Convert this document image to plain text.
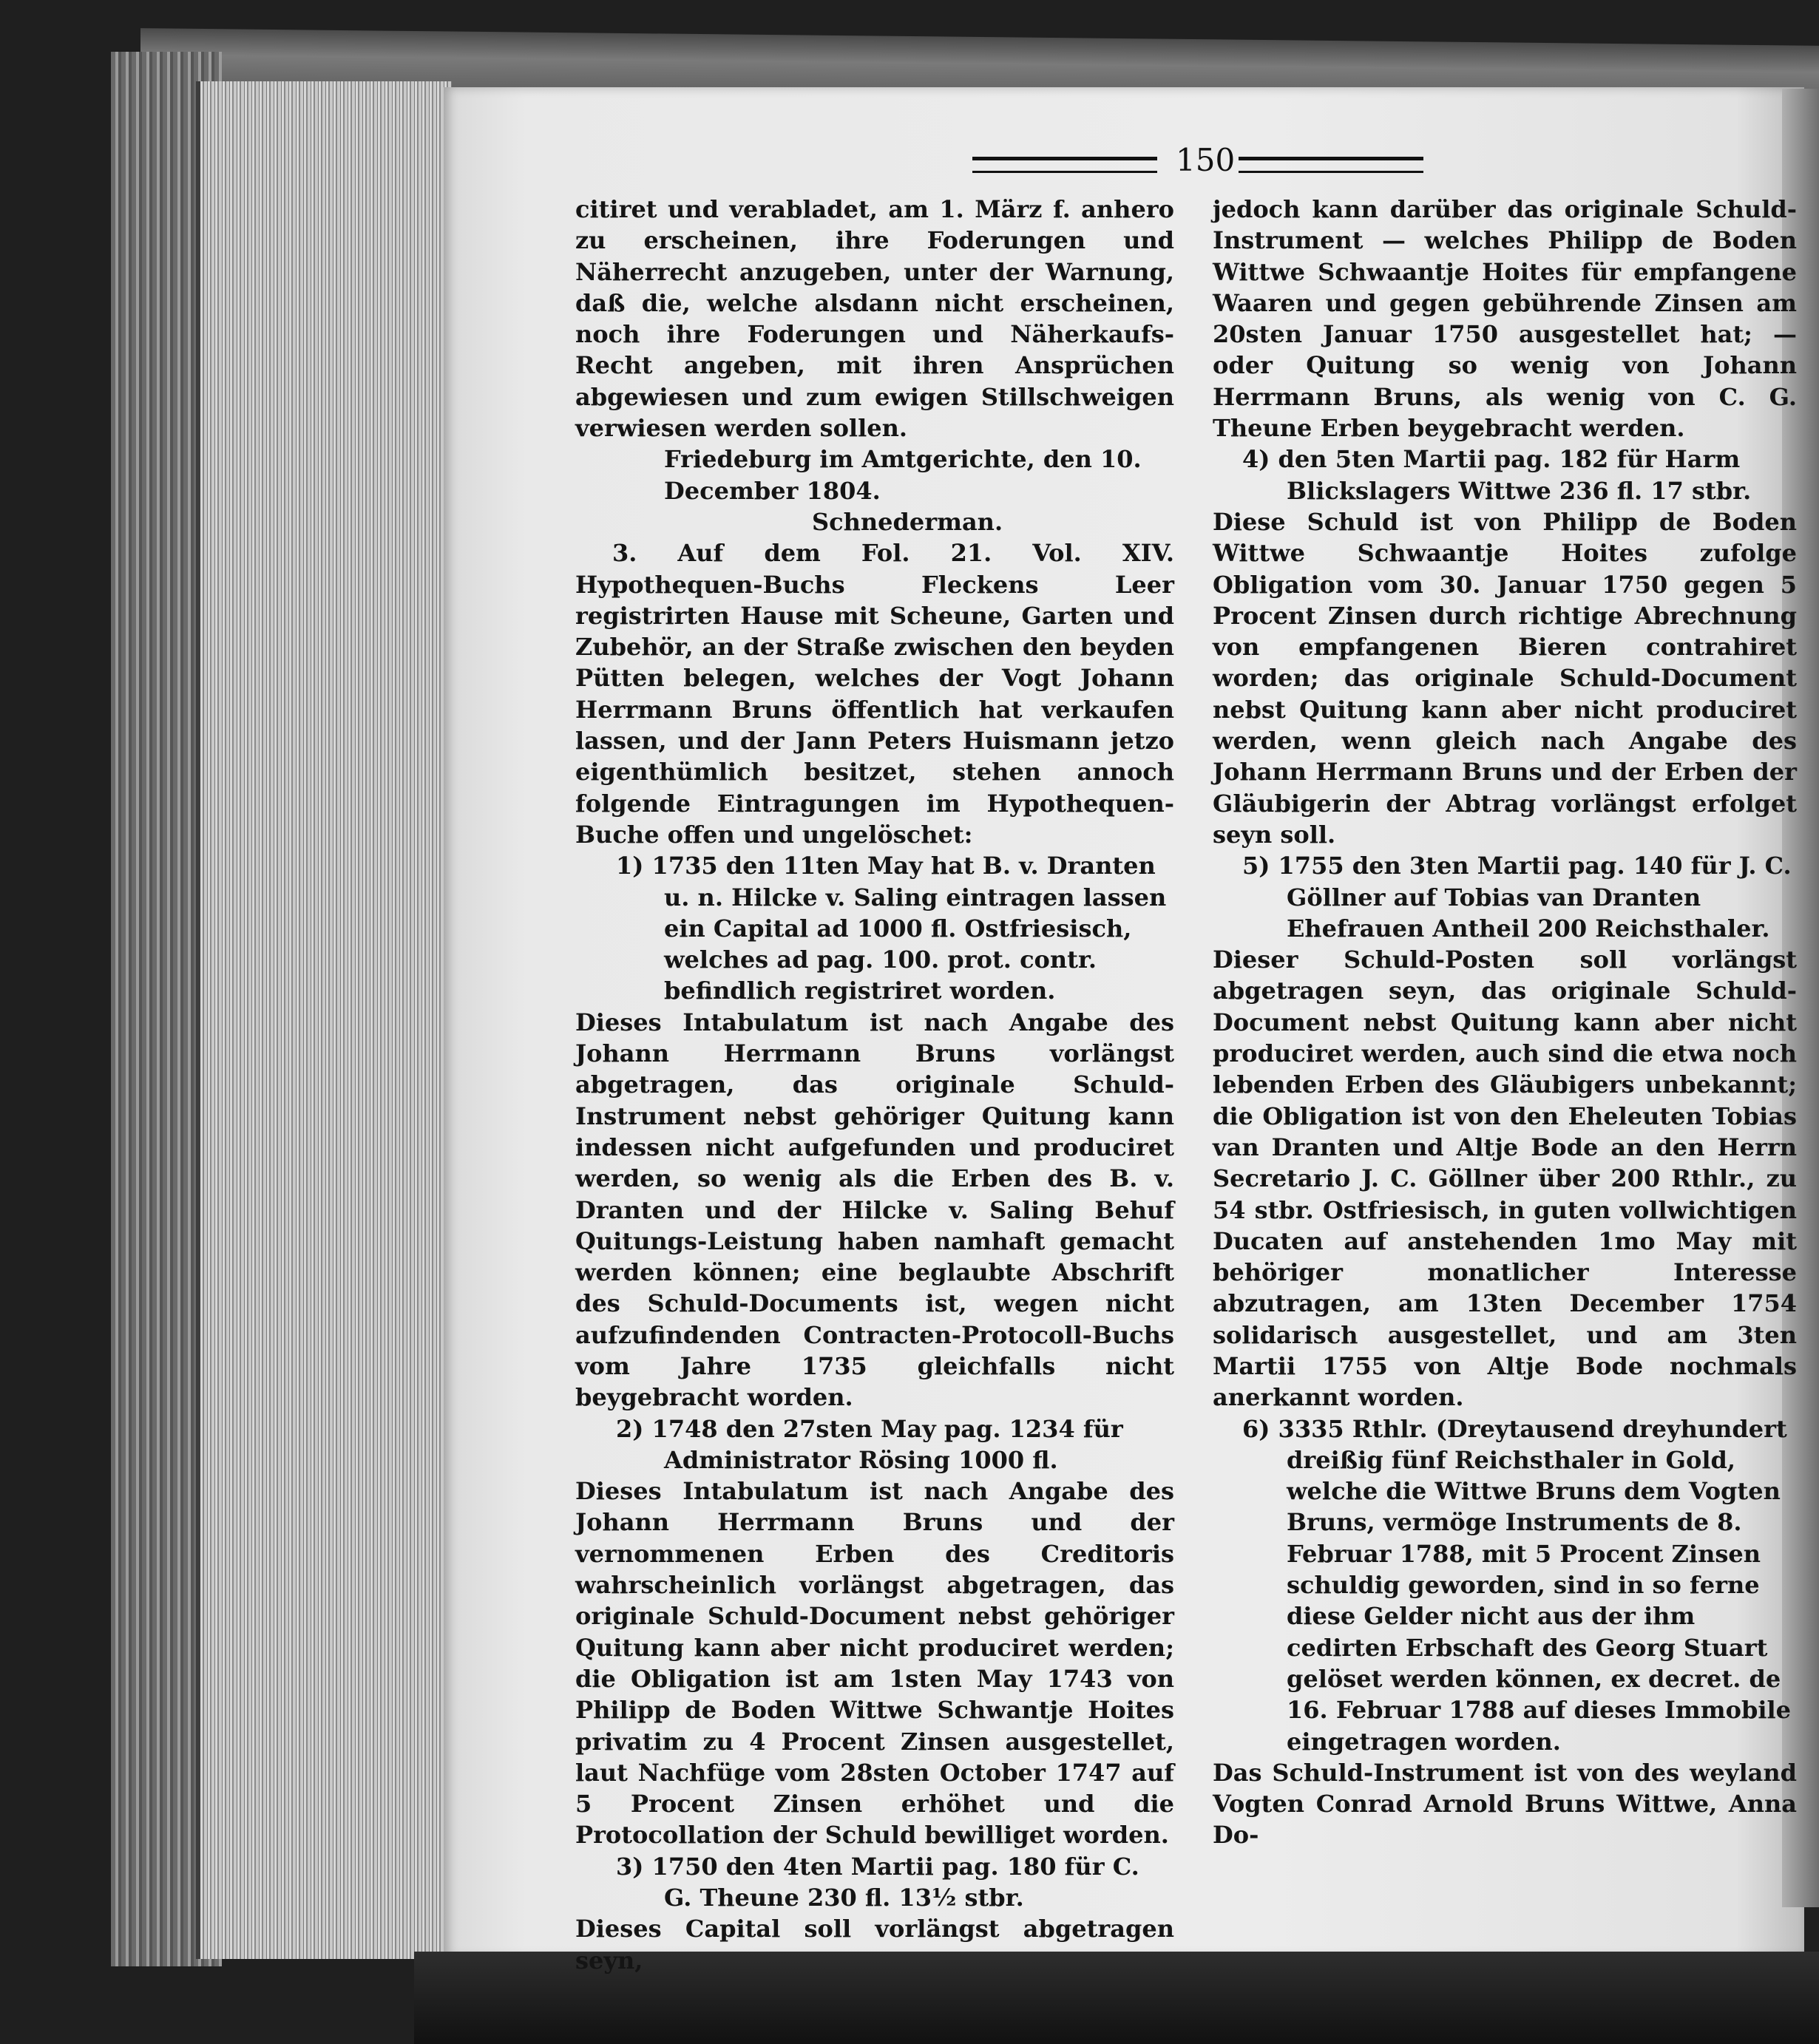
150

citiret und verabladet, am 1. März f. anhero zu erscheinen, ihre Foderungen und Näherrecht anzugeben, unter der Warnung, daß die, welche alsdann nicht erscheinen, noch ihre Foderungen und Näherkaufs-Recht angeben, mit ihren Ansprüchen abgewiesen und zum ewigen Stillschweigen verwiesen werden sollen.

Friedeburg im Amtgerichte, den 10. December 1804. Schnederman.

3. Auf dem Fol. 21. Vol. XIV. Hypothequen-Buchs Fleckens Leer registrirten Hause mit Scheune, Garten und Zubehör, an der Straße zwischen den beyden Pütten belegen, welches der Vogt Johann Herrmann Bruns öffentlich hat verkaufen lassen, und der Jann Peters Huismann jetzo eigenthümlich besitzet, stehen annoch folgende Eintragungen im Hypothequen-Buche offen und ungelöschet:

1) 1735 den 11ten May hat B. v. Dranten u. n. Hilcke v. Saling eintragen lassen ein Capital ad 1000 fl. Ostfriesisch, welches ad pag. 100. prot. contr. befindlich registriret worden.

Dieses Intabulatum ist nach Angabe des Johann Herrmann Bruns vorlängst abgetragen, das originale Schuld-Instrument nebst gehöriger Quitung kann indessen nicht aufgefunden und produciret werden, so wenig als die Erben des B. v. Dranten und der Hilcke v. Saling Behuf Quitungs-Leistung haben namhaft gemacht werden können; eine beglaubte Abschrift des Schuld-Documents ist, wegen nicht aufzufindenden Contracten-Protocoll-Buchs vom Jahre 1735 gleichfalls nicht beygebracht worden.

2) 1748 den 27sten May pag. 1234 für Administrator Rösing 1000 fl.

Dieses Intabulatum ist nach Angabe des Johann Herrmann Bruns und der vernommenen Erben des Creditoris wahrscheinlich vorlängst abgetragen, das originale Schuld-Document nebst gehöriger Quitung kann aber nicht produciret werden; die Obligation ist am 1sten May 1743 von Philipp de Boden Wittwe Schwantje Hoites privatim zu 4 Procent Zinsen ausgestellet, laut Nachfüge vom 28sten October 1747 auf 5 Procent Zinsen erhöhet und die Protocollation der Schuld bewilliget worden.

3) 1750 den 4ten Martii pag. 180 für C. G. Theune 230 fl. 13½ stbr.

Dieses Capital soll vorlängst abgetragen seyn,

jedoch kann darüber das originale Schuld-Instrument — welches Philipp de Boden Wittwe Schwaantje Hoites für empfangene Waaren und gegen gebührende Zinsen am 20sten Januar 1750 ausgestellet hat; — oder Quitung so wenig von Johann Herrmann Bruns, als wenig von C. G. Theune Erben beygebracht werden.

4) den 5ten Martii pag. 182 für Harm Blickslagers Wittwe 236 fl. 17 stbr.

Diese Schuld ist von Philipp de Boden Wittwe Schwaantje Hoites zufolge Obligation vom 30. Januar 1750 gegen 5 Procent Zinsen durch richtige Abrechnung von empfangenen Bieren contrahiret worden; das originale Schuld-Document nebst Quitung kann aber nicht produciret werden, wenn gleich nach Angabe des Johann Herrmann Bruns und der Erben der Gläubigerin der Abtrag vorlängst erfolget seyn soll.

5) 1755 den 3ten Martii pag. 140 für J. C. Göllner auf Tobias van Dranten Ehefrauen Antheil 200 Reichsthaler.

Dieser Schuld-Posten soll vorlängst abgetragen seyn, das originale Schuld-Document nebst Quitung kann aber nicht produciret werden, auch sind die etwa noch lebenden Erben des Gläubigers unbekannt; die Obligation ist von den Eheleuten Tobias van Dranten und Altje Bode an den Herrn Secretario J. C. Göllner über 200 Rthlr., zu 54 stbr. Ostfriesisch, in guten vollwichtigen Ducaten auf anstehenden 1mo May mit behöriger monatlicher Interesse abzutragen, am 13ten December 1754 solidarisch ausgestellet, und am 3ten Martii 1755 von Altje Bode nochmals anerkannt worden.

6) 3335 Rthlr. (Dreytausend dreyhundert dreißig fünf Reichsthaler in Gold, welche die Wittwe Bruns dem Vogten Bruns, vermöge Instruments de 8. Februar 1788, mit 5 Procent Zinsen schuldig geworden, sind in so ferne diese Gelder nicht aus der ihm cedirten Erbschaft des Georg Stuart gelöset werden können, ex decret. de 16. Februar 1788 auf dieses Immobile eingetragen worden.

Das Schuld-Instrument ist von des weyland Vogten Conrad Arnold Bruns Wittwe, Anna Do-
